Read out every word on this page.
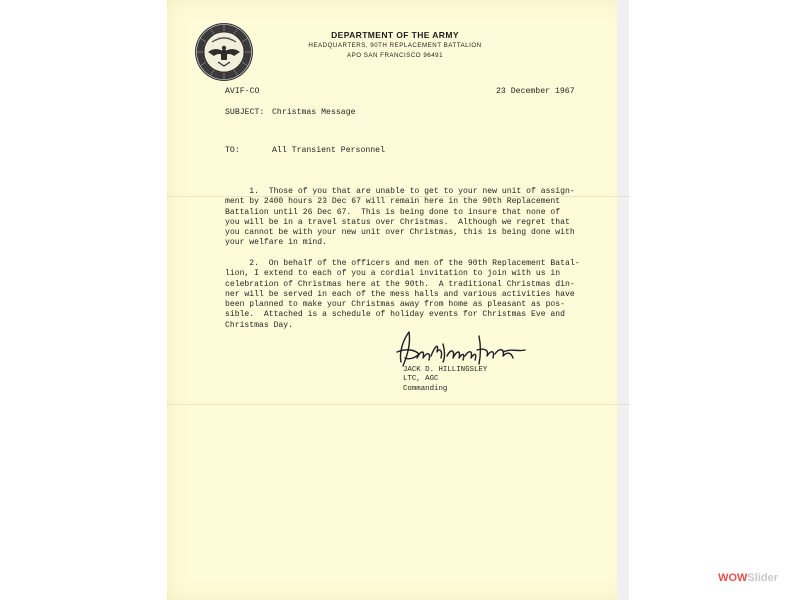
DEPARTMENT OF THE ARMY
HEADQUARTERS, 90TH REPLACEMENT BATTALION
APO SAN FRANCISCO 96491
AVIF-CO	23 December 1967
SUBJECT: Christmas Message
TO:	All Transient Personnel
1.  Those of you that are unable to get to your new unit of assign-
ment by 2400 hours 23 Dec 67 will remain here in the 90th Replacement
Battalion until 26 Dec 67.  This is being done to insure that none of
you will be in a travel status over Christmas.  Although we regret that
you cannot be with your new unit over Christmas, this is being done with
your welfare in mind.
2.  On behalf of the officers and men of the 90th Replacement Batal-
lion, I extend to each of you a cordial invitation to join with us in
celebration of Christmas here at the 90th.  A traditional Christmas din-
ner will be served in each of the mess halls and various activities have
been planned to make your Christmas away from home as pleasant as pos-
sible.  Attached is a schedule of holiday events for Christmas Eve and
Christmas Day.
JACK D. HILLINGSLEY
LTC, AGC
Commanding
WOWSlider
